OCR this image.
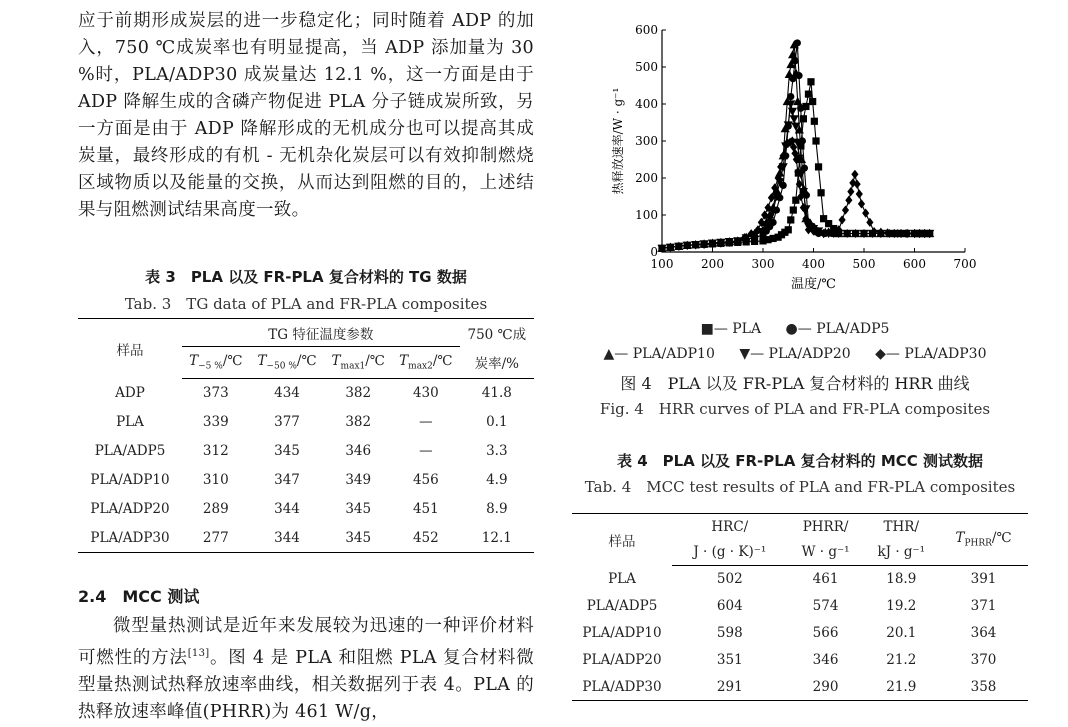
应于前期形成炭层的进一步稳定化；同时随着 ADP 的加入，750 ℃成炭率也有明显提高，当 ADP 添加量为 30 %时，PLA/ADP30 成炭量达 12.1 %，这一方面是由于 ADP 降解生成的含磷产物促进 PLA 分子链成炭所致，另一方面是由于 ADP 降解形成的无机成分也可以提高其成炭量，最终形成的有机 - 无机杂化炭层可以有效抑制燃烧区域物质以及能量的交换，从而达到阻燃的目的，上述结果与阻燃测试结果高度一致。

表 3　PLA 以及 FR-PLA 复合材料的 TG 数据
Tab. 3　TG data of PLA and FR-PLA composites
样品	TG 特征温度参数				750 ℃成
	$T_{-5 \%}/℃$	$T_{-50 \%}/℃$	$T_{max1}/℃$	$T_{max2}/℃$	炭率/%
ADP	373	434	382	430	41.8
PLA	339	377	382	—	0.1
PLA/ADP5	312	345	346	—	3.3
PLA/ADP10	310	347	349	456	4.9
PLA/ADP20	289	344	345	451	8.9
PLA/ADP30	277	344	345	452	12.1
2.4　MCC 测试

微型量热测试是近年来发展较为迅速的一种评价材料可燃性的方法[13]。图 4 是 PLA 和阻燃 PLA 复合材料微型量热测试热释放速率曲线，相关数据列于表 4。PLA 的热释放速率峰值(PHRR)为 461 W/g，

100 200 300 400 500 600 700
0
100
200
300
400
500
600
温度/℃
热释放速率/W · g⁻¹
■— PLA ●— PLA/ADP5
▲— PLA/ADP10 ▼— PLA/ADP20 ◆— PLA/ADP30
图 4　PLA 以及 FR-PLA 复合材料的 HRR 曲线
Fig. 4　HRR curves of PLA and FR-PLA composites
表 4　PLA 以及 FR-PLA 复合材料的 MCC 测试数据
Tab. 4　MCC test results of PLA and FR-PLA composites
样品	HRC/	PHRR/	THR/	$T_{PHRR}/℃$
	J · (g · K)⁻¹	W · g⁻¹	kJ · g⁻¹	
PLA	502	461	18.9	391
PLA/ADP5	604	574	19.2	371
PLA/ADP10	598	566	20.1	364
PLA/ADP20	351	346	21.2	370
PLA/ADP30	291	290	21.9	358
